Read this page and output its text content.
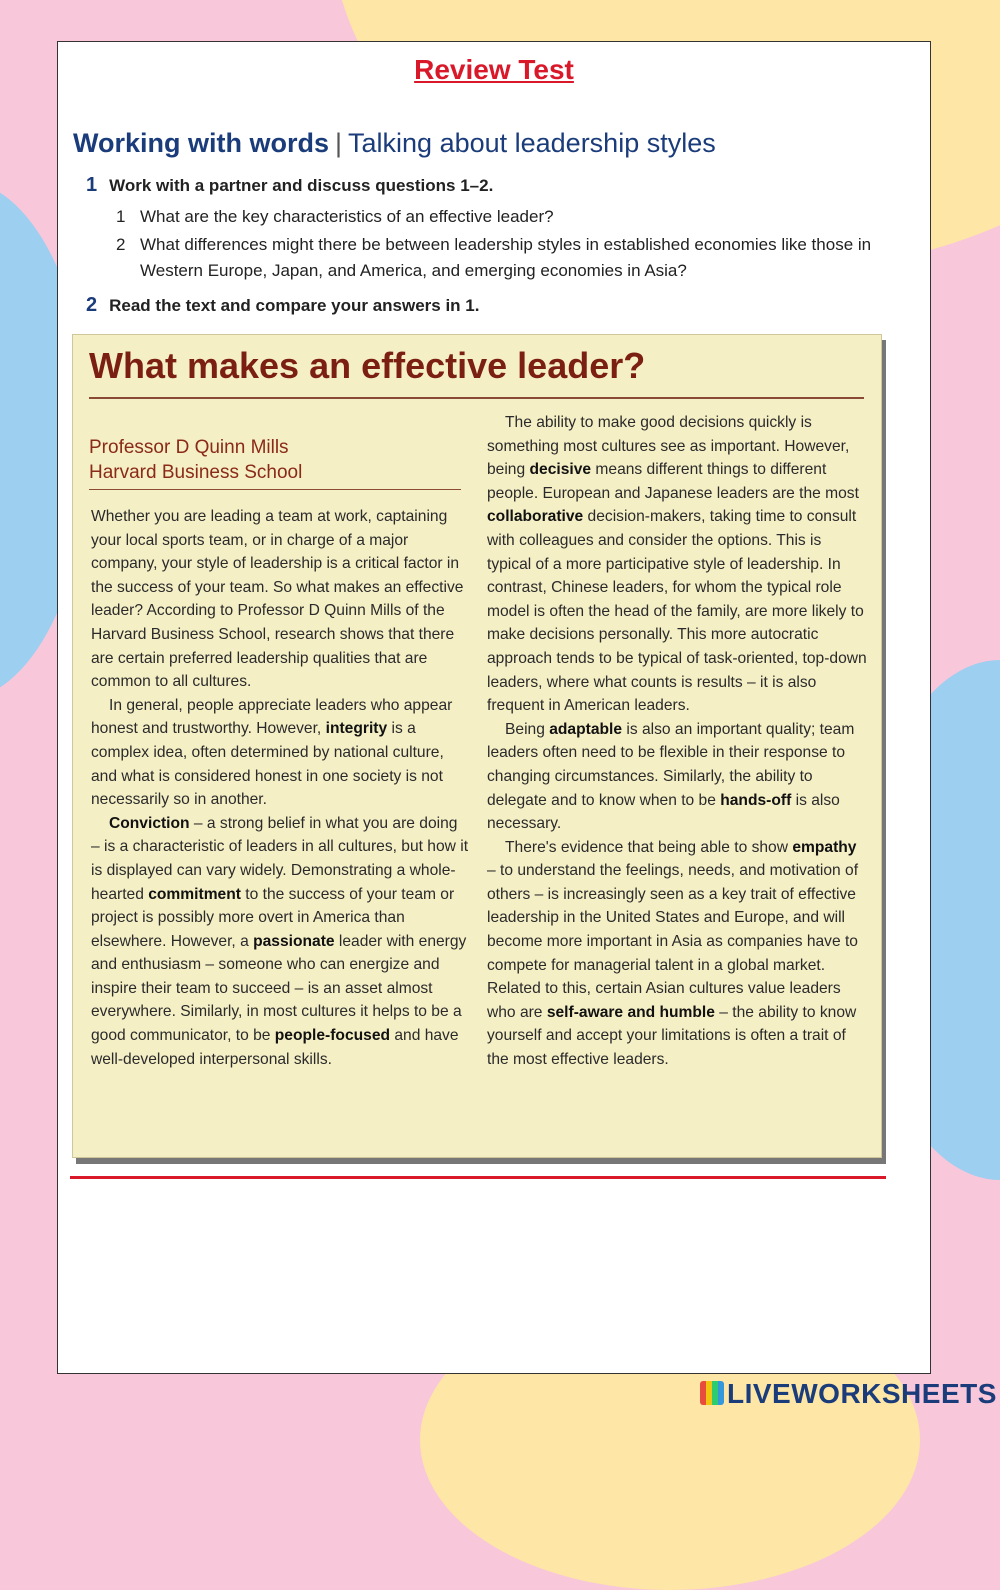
Review Test
Working with words | Talking about leadership styles
1 Work with a partner and discuss questions 1–2.
1 What are the key characteristics of an effective leader?
2 What differences might there be between leadership styles in established economies like those in Western Europe, Japan, and America, and emerging economies in Asia?
2 Read the text and compare your answers in 1.
What makes an effective leader?
Professor D Quinn Mills
Harvard Business School

Whether you are leading a team at work, captaining your local sports team, or in charge of a major company, your style of leadership is a critical factor in the success of your team. So what makes an effective leader? According to Professor D Quinn Mills of the Harvard Business School, research shows that there are certain preferred leadership qualities that are common to all cultures.

In general, people appreciate leaders who appear honest and trustworthy. However, integrity is a complex idea, often determined by national culture, and what is considered honest in one society is not necessarily so in another.

Conviction – a strong belief in what you are doing – is a characteristic of leaders in all cultures, but how it is displayed can vary widely. Demonstrating a whole-hearted commitment to the success of your team or project is possibly more overt in America than elsewhere. However, a passionate leader with energy and enthusiasm – someone who can energize and inspire their team to succeed – is an asset almost everywhere. Similarly, in most cultures it helps to be a good communicator, to be people-focused and have well-developed interpersonal skills.

The ability to make good decisions quickly is something most cultures see as important. However, being decisive means different things to different people. European and Japanese leaders are the most collaborative decision-makers, taking time to consult with colleagues and consider the options. This is typical of a more participative style of leadership. In contrast, Chinese leaders, for whom the typical role model is often the head of the family, are more likely to make decisions personally. This more autocratic approach tends to be typical of task-oriented, top-down leaders, where what counts is results – it is also frequent in American leaders.

Being adaptable is also an important quality; team leaders often need to be flexible in their response to changing circumstances. Similarly, the ability to delegate and to know when to be hands-off is also necessary.

There's evidence that being able to show empathy – to understand the feelings, needs, and motivation of others – is increasingly seen as a key trait of effective leadership in the United States and Europe, and will become more important in Asia as companies have to compete for managerial talent in a global market. Related to this, certain Asian cultures value leaders who are self-aware and humble – the ability to know yourself and accept your limitations is often a trait of the most effective leaders.

LIVEWORKSHEETS
